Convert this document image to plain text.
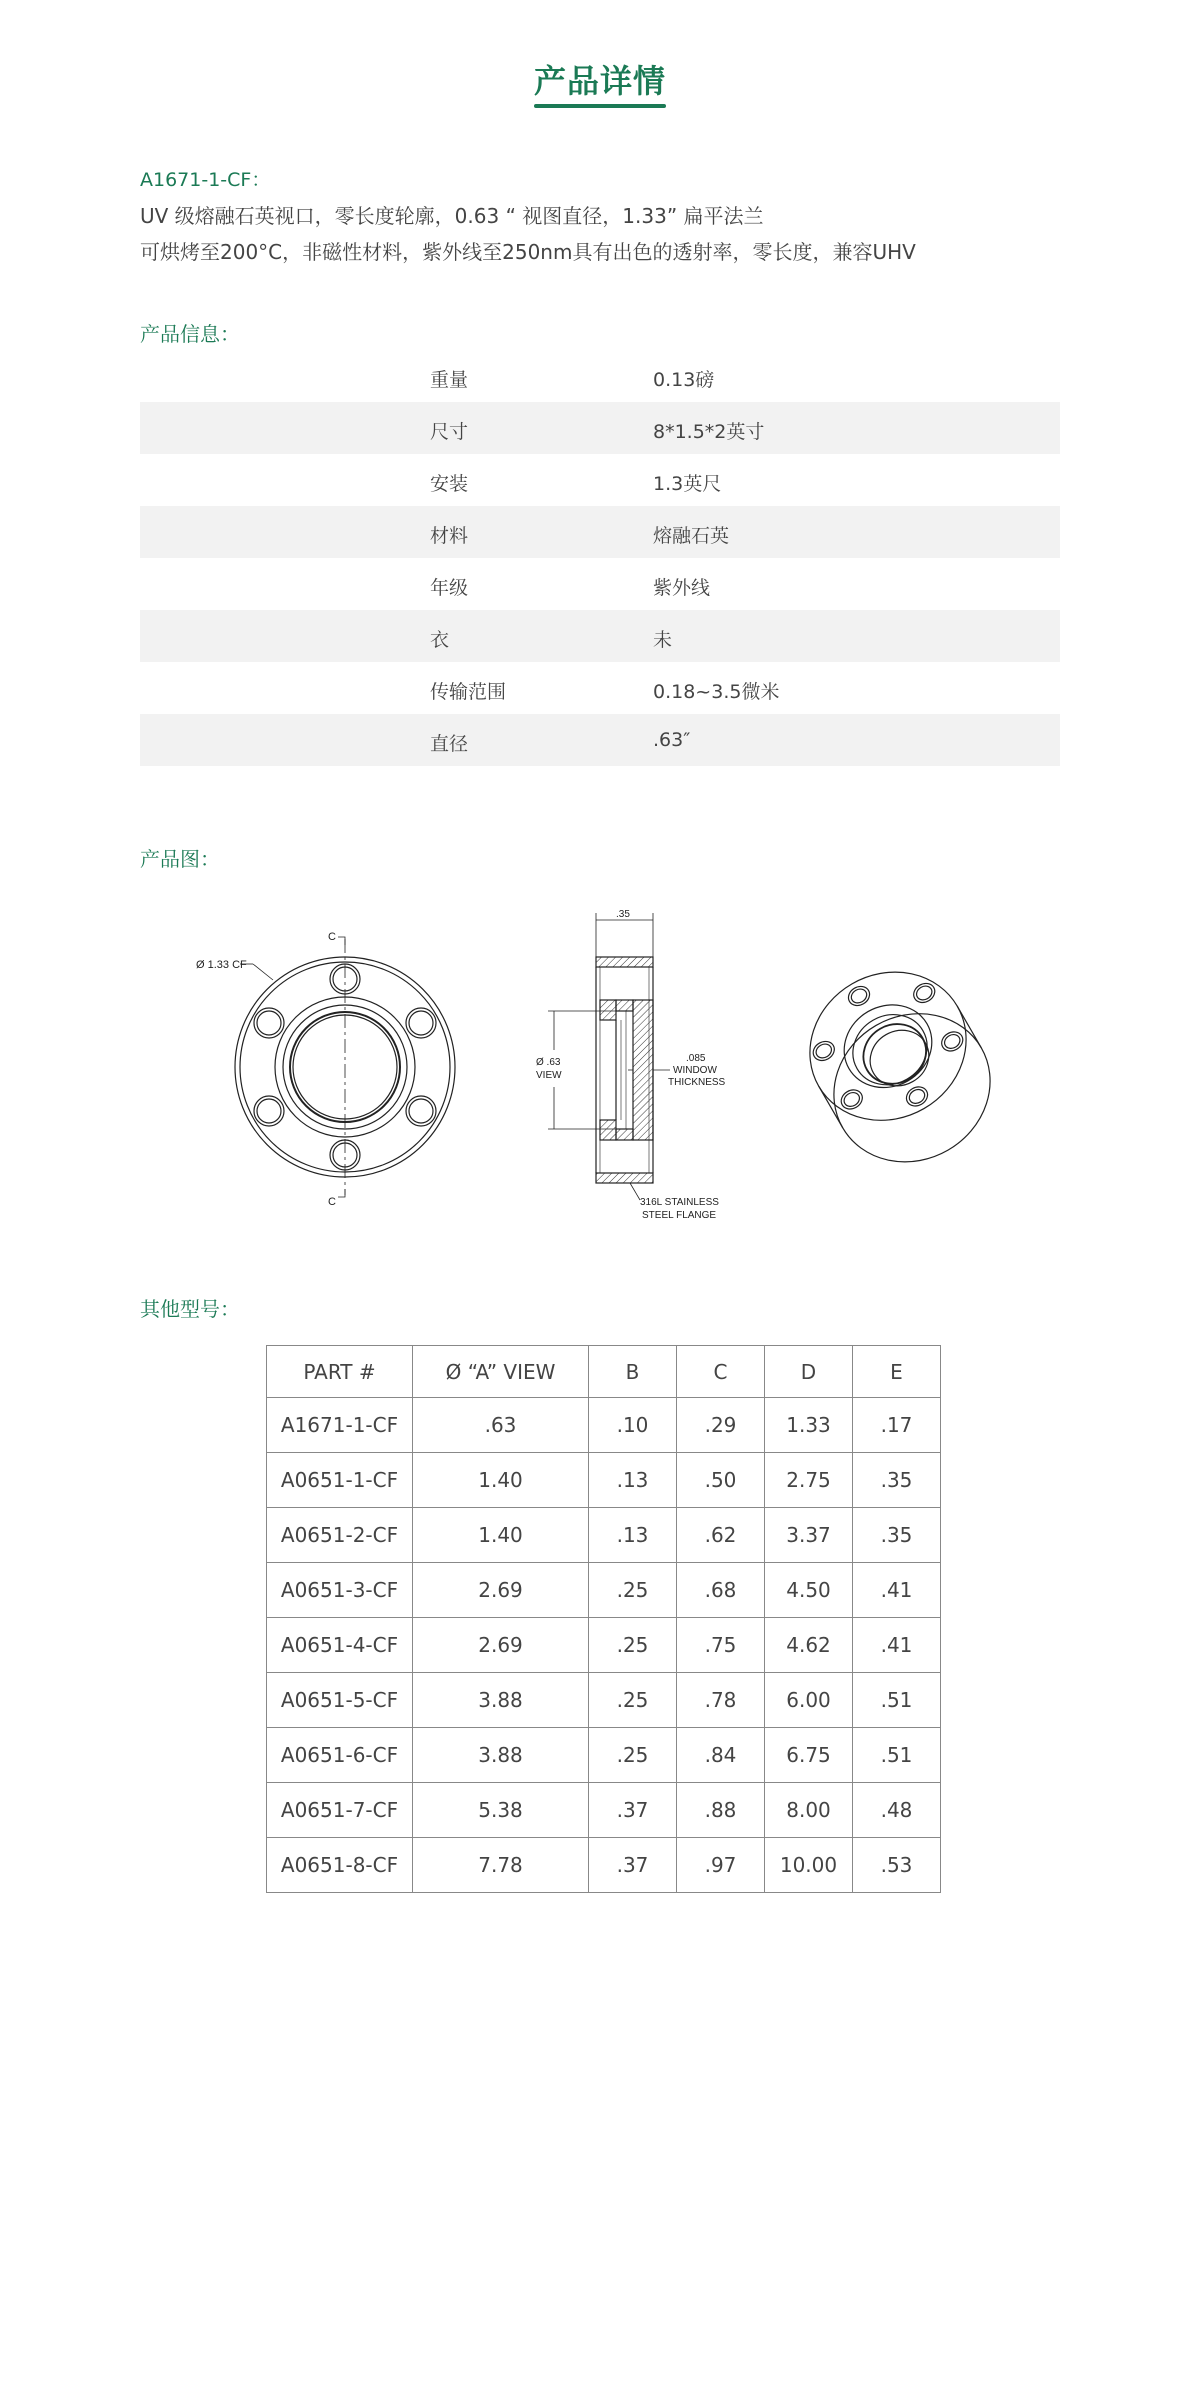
产品详情
A1671-1-CF：
UV 级熔融石英视口，零长度轮廓，0.63 “ 视图直径，1.33” 扁平法兰
可烘烤至200°C，非磁性材料，紫外线至250nm具有出色的透射率，零长度，兼容UHV
产品信息：
重量	0.13磅
尺寸	8*1.5*2英寸
安装	1.3英尺
材料	熔融石英
年级	紫外线
衣	未
传输范围	0.18~3.5微米
直径	.63″
产品图：
Ø 1.33 CF
C
C
.35
Ø .63
VIEW
.085
WINDOW
THICKNESS
316L STAINLESS
STEEL FLANGE
其他型号：
PART #	Ø “A” VIEW	B	C	D	E
A1671-1-CF	.63	.10	.29	1.33	.17
A0651-1-CF	1.40	.13	.50	2.75	.35
A0651-2-CF	1.40	.13	.62	3.37	.35
A0651-3-CF	2.69	.25	.68	4.50	.41
A0651-4-CF	2.69	.25	.75	4.62	.41
A0651-5-CF	3.88	.25	.78	6.00	.51
A0651-6-CF	3.88	.25	.84	6.75	.51
A0651-7-CF	5.38	.37	.88	8.00	.48
A0651-8-CF	7.78	.37	.97	10.00	.53
